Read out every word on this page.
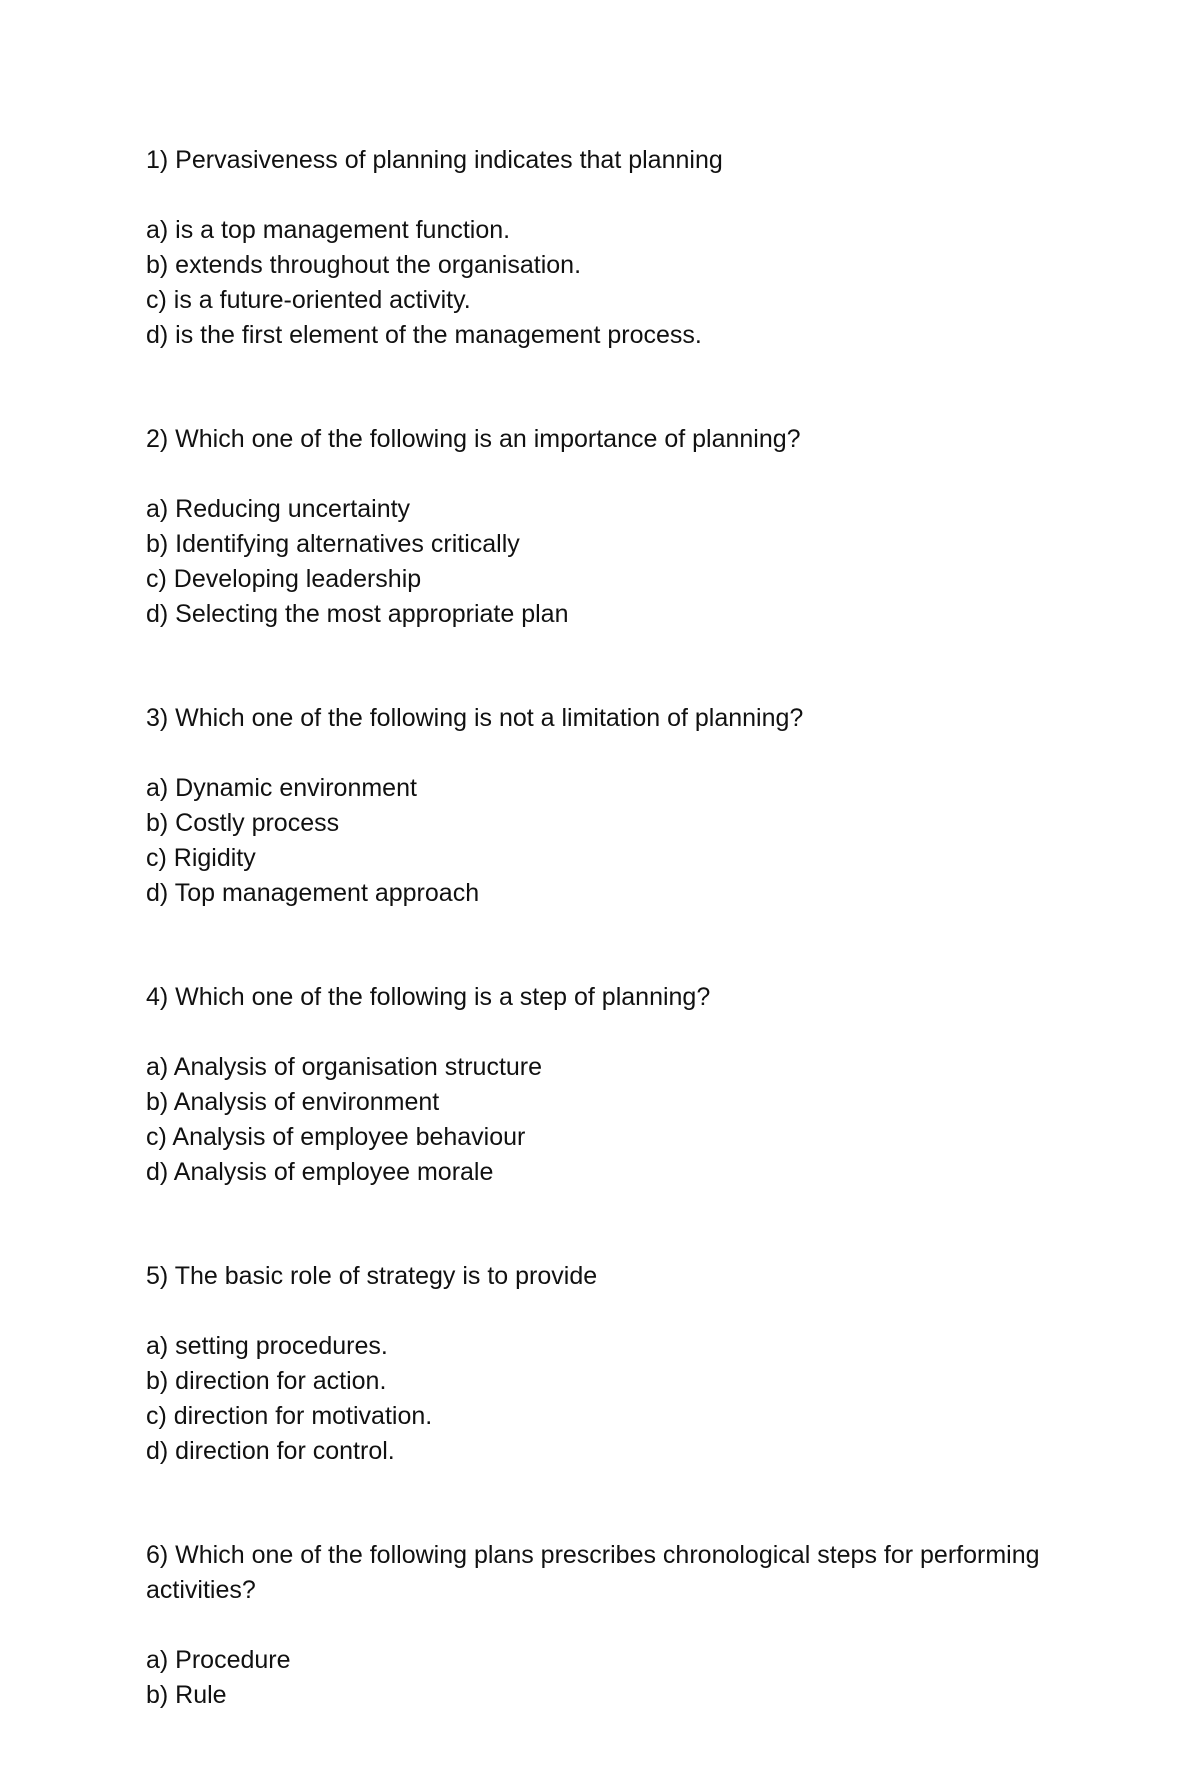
1) Pervasiveness of planning indicates that planning

a) is a top management function.

b) extends throughout the organisation.

c) is a future-oriented activity.

d) is the first element of the management process.

2) Which one of the following is an importance of planning?

a) Reducing uncertainty

b) Identifying alternatives critically

c) Developing leadership

d) Selecting the most appropriate plan

3) Which one of the following is not a limitation of planning?

a) Dynamic environment

b) Costly process

c) Rigidity

d) Top management approach

4) Which one of the following is a step of planning?

a) Analysis of organisation structure

b) Analysis of environment

c) Analysis of employee behaviour

d) Analysis of employee morale

5) The basic role of strategy is to provide

a) setting procedures.

b) direction for action.

c) direction for motivation.

d) direction for control.

6) Which one of the following plans prescribes chronological steps for performing activities?

a) Procedure

b) Rule
